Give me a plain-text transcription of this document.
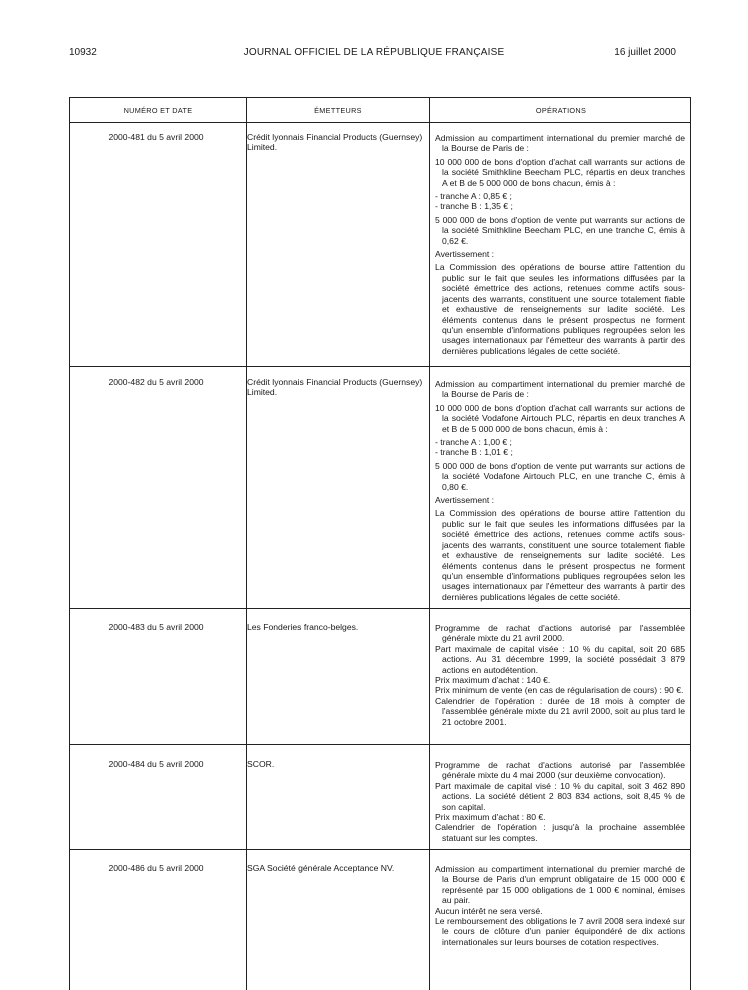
10932	JOURNAL OFFICIEL DE LA RÉPUBLIQUE FRANÇAISE	16 juillet 2000
NUMÉRO ET DATE	ÉMETTEURS	OPÉRATIONS
2000-481 du 5 avril 2000	Crédit lyonnais Financial Products (Guernsey) Limited.

Admission au compartiment international du premier marché de la Bourse de Paris de :

10 000 000 de bons d'option d'achat call warrants sur actions de la société Smithkline Beecham PLC, répartis en deux tranches A et B de 5 000 000 de bons chacun, émis à :

- tranche A : 0,85 € ;

- tranche B : 1,35 € ;

5 000 000 de bons d'option de vente put warrants sur actions de la société Smithkline Beecham PLC, en une tranche C, émis à 0,62 €.

Avertissement :

La Commission des opérations de bourse attire l'attention du public sur le fait que seules les informations diffusées par la société émettrice des actions, retenues comme actifs sous-jacents des warrants, constituent une source totalement fiable et exhaustive de renseignements sur ladite société. Les éléments contenus dans le présent prospectus ne forment qu'un ensemble d'informations publiques regroupées selon les usages internationaux par l'émetteur des warrants à partir des dernières publications légales de cette société.

2000-482 du 5 avril 2000	Crédit lyonnais Financial Products (Guernsey) Limited.

Admission au compartiment international du premier marché de la Bourse de Paris de :

10 000 000 de bons d'option d'achat call warrants sur actions de la société Vodafone Airtouch PLC, répartis en deux tranches A et B de 5 000 000 de bons chacun, émis à :

- tranche A : 1,00 € ;

- tranche B : 1,01 € ;

5 000 000 de bons d'option de vente put warrants sur actions de la société Vodafone Airtouch PLC, en une tranche C, émis à 0,80 €.

Avertissement :

La Commission des opérations de bourse attire l'attention du public sur le fait que seules les informations diffusées par la société émettrice des actions, retenues comme actifs sous-jacents des warrants, constituent une source totalement fiable et exhaustive de renseignements sur ladite société. Les éléments contenus dans le présent prospectus ne forment qu'un ensemble d'informations publiques regroupées selon les usages internationaux par l'émetteur des warrants à partir des dernières publications légales de cette société.

2000-483 du 5 avril 2000	Les Fonderies franco-belges.	Programme de rachat d'actions autorisé par l'assemblée générale mixte du 21 avril 2000.

Part maximale de capital visée : 10 % du capital, soit 20 685 actions. Au 31 décembre 1999, la société possédait 3 879 actions en autodétention.

Prix maximum d'achat : 140 €.

Prix minimum de vente (en cas de régularisation de cours) : 90 €.

Calendrier de l'opération : durée de 18 mois à compter de l'assemblée générale mixte du 21 avril 2000, soit au plus tard le 21 octobre 2001.

2000-484 du 5 avril 2000	SCOR.	Programme de rachat d'actions autorisé par l'assemblée générale mixte du 4 mai 2000 (sur deuxième convocation).

Part maximale de capital visé : 10 % du capital, soit 3 462 890 actions. La société détient 2 803 834 actions, soit 8,45 % de son capital.

Prix maximum d'achat : 80 €.

Calendrier de l'opération : jusqu'à la prochaine assemblée statuant sur les comptes.

2000-486 du 5 avril 2000	SGA Société générale Acceptance NV.	Admission au compartiment international du premier marché de la Bourse de Paris d'un emprunt obligataire de 15 000 000 € représenté par 15 000 obligations de 1 000 € nominal, émises au pair.

Aucun intérêt ne sera versé.

Le remboursement des obligations le 7 avril 2008 sera indexé sur le cours de clôture d'un panier équipondéré de dix actions internationales sur leurs bourses de cotation respectives.
